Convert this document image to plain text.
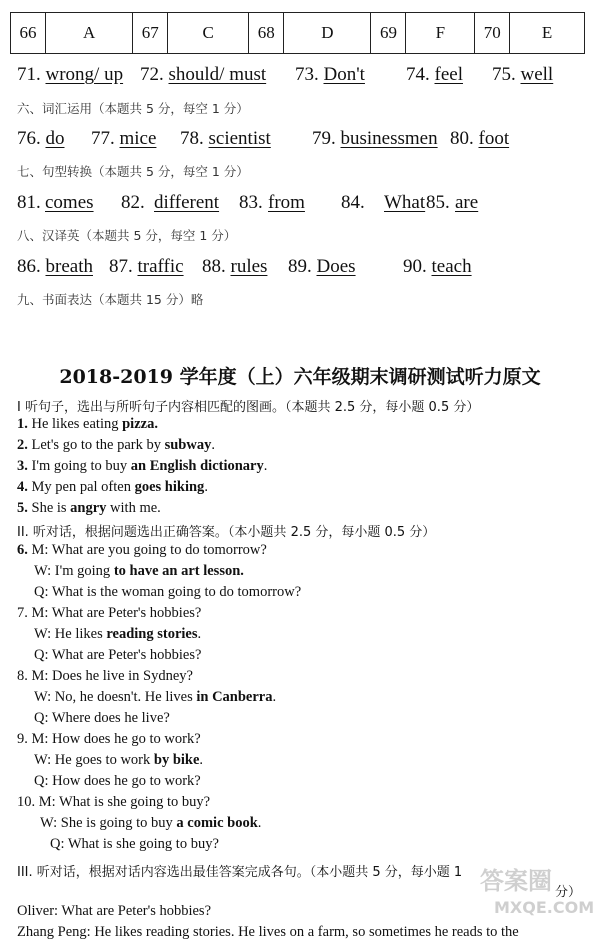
66	A	67	C	68	D	69	F	70	E
71. wrong/ up 72. should/ must 73. Don't 74. feel 75. well
六、词汇运用（本题共 5 分，每空 1 分）
76. do 77. mice 78. scientist 79. businessmen 80. foot
七、句型转换（本题共 5 分，每空 1 分）
81. comes 82. different 83. from 84. What 85. are
八、汉译英（本题共 5 分，每空 1 分）
86. breath 87. traffic 88. rules 89. Does 90. teach
九、书面表达（本题共 15 分）略
2018-2019 学年度（上）六年级期末调研测试听力原文
I 听句子，选出与所听句子内容相匹配的图画。（本题共 2.5 分，每小题 0.5 分）
1. He likes eating pizza.
2. Let's go to the park by subway.
3. I'm going to buy an English dictionary.
4. My pen pal often goes hiking.
5. She is angry with me.
II. 听对话，根据问题选出正确答案。（本小题共 2.5 分，每小题 0.5 分）
6. M: What are you going to do tomorrow?
W: I'm going to have an art lesson.
Q: What is the woman going to do tomorrow?
7. M: What are Peter's hobbies?
W: He likes reading stories.
Q: What are Peter's hobbies?
8. M: Does he live in Sydney?
W: No, he doesn't. He lives in Canberra.
Q: Where does he live?
9. M: How does he go to work?
W: He goes to work by bike.
Q: How does he go to work?
10. M: What is she going to buy?
W: She is going to buy a comic book.
Q: What is she going to buy?
III. 听对话，根据对话内容选出最佳答案完成各句。（本小题共 5 分，每小题 1
分）
Oliver: What are Peter's hobbies?
Zhang Peng: He likes reading stories. He lives on a farm, so sometimes he reads to the
答案圈
MXQE.COM
